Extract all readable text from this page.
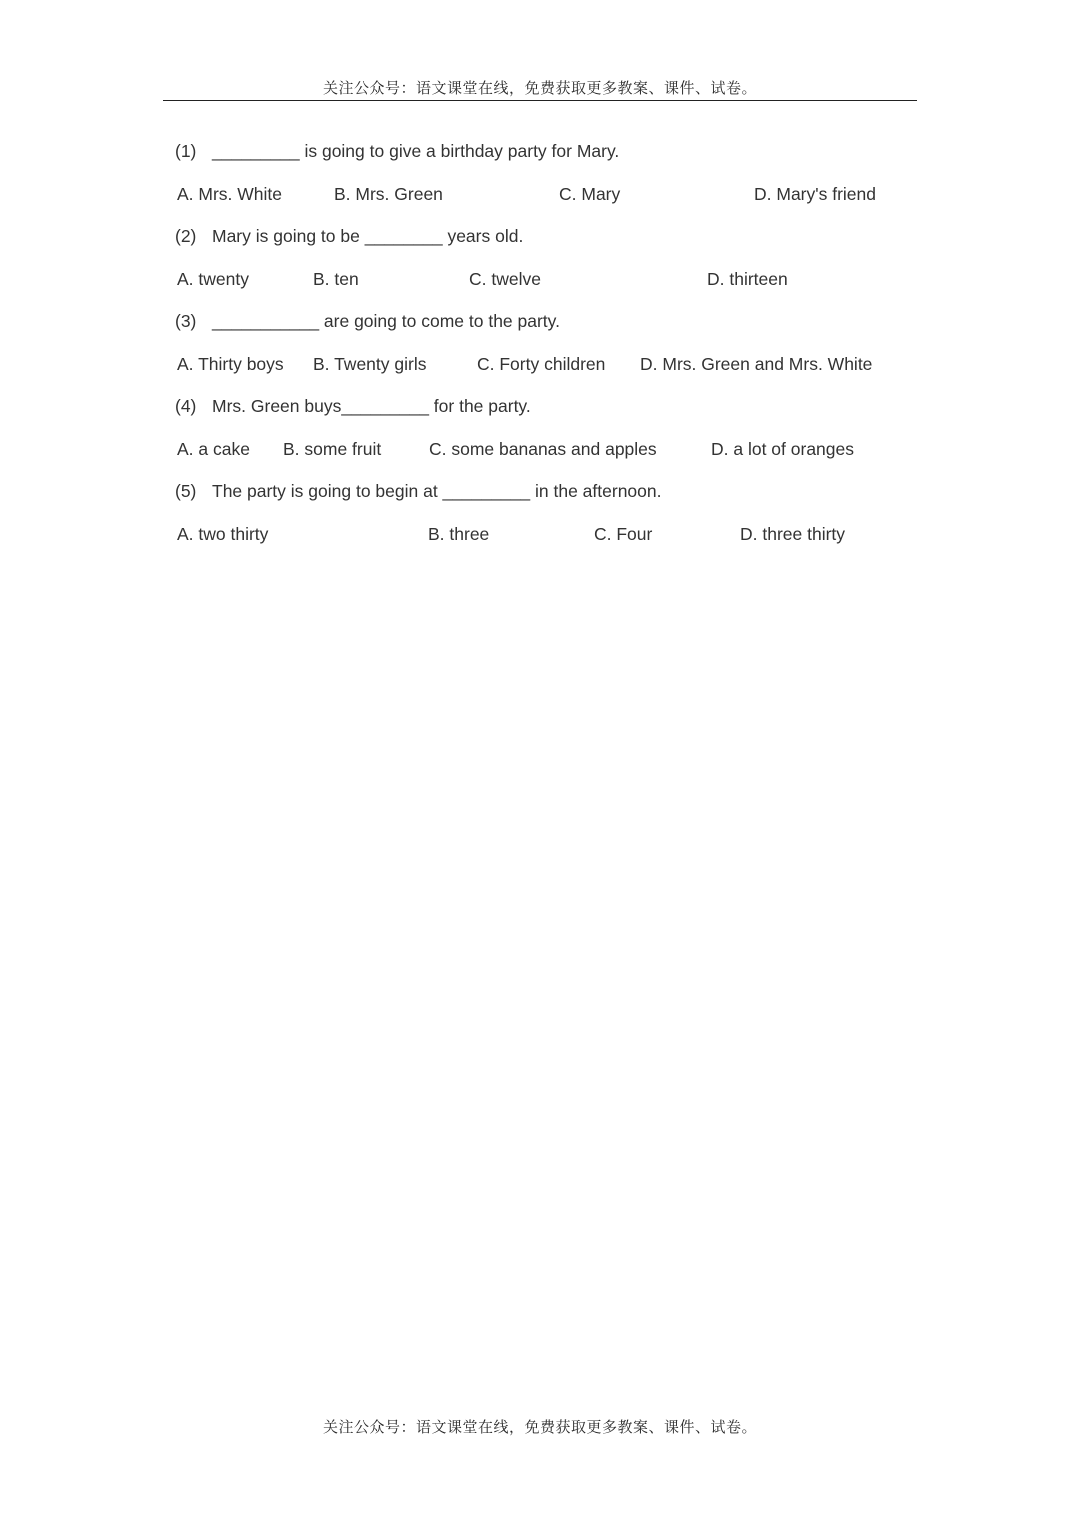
关注公众号：语文课堂在线，免费获取更多教案、课件、试卷。
(1) _________ is going to give a birthday party for Mary.
A. Mrs. White	B. Mrs. Green	C. Mary	D. Mary's friend
(2) Mary is going to be ________ years old.
A. twenty	B. ten	C. twelve	D. thirteen
(3) ___________ are going to come to the party.
A. Thirty boys B. Twenty girls	C. Forty children D. Mrs. Green and Mrs. White
(4) Mrs. Green buys_________ for the party.
A. a cake B. some fruit	C. some bananas and apples	D. a lot of oranges
(5) The party is going to begin at _________ in the afternoon.
A. two thirty	B. three	C. Four	D. three thirty
关注公众号：语文课堂在线，免费获取更多教案、课件、试卷。
